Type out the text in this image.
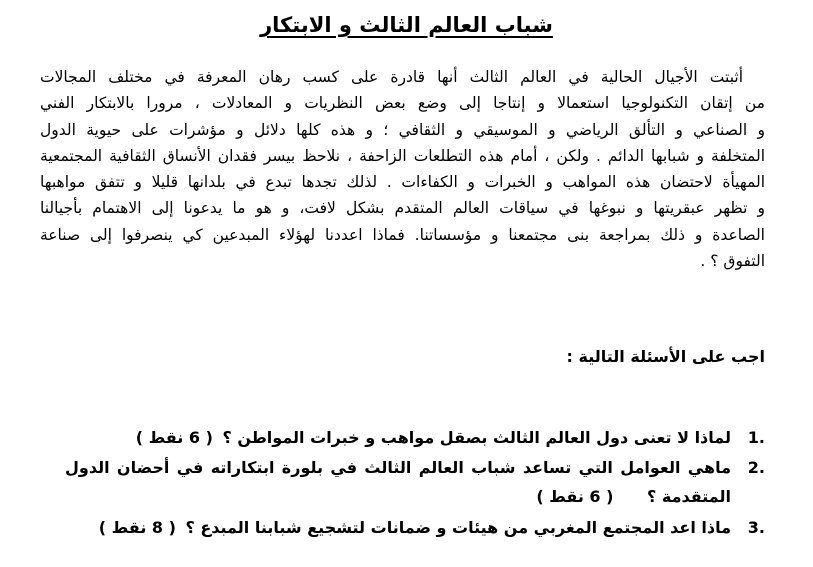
شباب العالم الثالث و الابتكار
أثبتت الأجيال الحالية في العالم الثالث أنها قادرة على كسب رهان المعرفة في مختلف المجالات
من إتقان التكنولوجيا استعمالا و إنتاجا إلى وضع بعض النظريات و المعادلات ، مرورا بالابتكار الفني
و الصناعي و التألق الرياضي و الموسيقي و الثقافي ؛ و هذه كلها دلائل و مؤشرات على حيوية الدول
المتخلفة و شبابها الدائم . ولكن ، أمام هذه التطلعات الزاحفة ، نلاحظ بيسر فقدان الأنساق الثقافية المجتمعية
المهيأة لاحتضان هذه المواهب و الخبرات و الكفاءات . لذلك تجدها تبدع في بلدانها قليلا و تتفق مواهبها
و تظهر عبقريتها و نبوغها في سياقات العالم المتقدم بشكل لافت، و هو ما يدعونا إلى الاهتمام بأجيالنا
الصاعدة و ذلك بمراجعة بنى مجتمعنا و مؤسساتنا. فماذا اعددنا لهؤلاء المبدعين كي ينصرفوا إلى صناعة
التفوق ؟ .

اجب على الأسئلة التالية :

1.
لماذا لا تعنى دول العالم الثالث بصقل مواهب و خبرات المواطن ؟ ( 6 نقط )
2.
ماهي العوامل التي تساعد شباب العالم الثالث في بلورة ابتكاراته في أحضان الدول
المتقدمة ؟ ( 6 نقط )
3.
ماذا اعد المجتمع المغربي من هيئات و ضمانات لتشجيع شبابنا المبدع ؟ ( 8 نقط )
